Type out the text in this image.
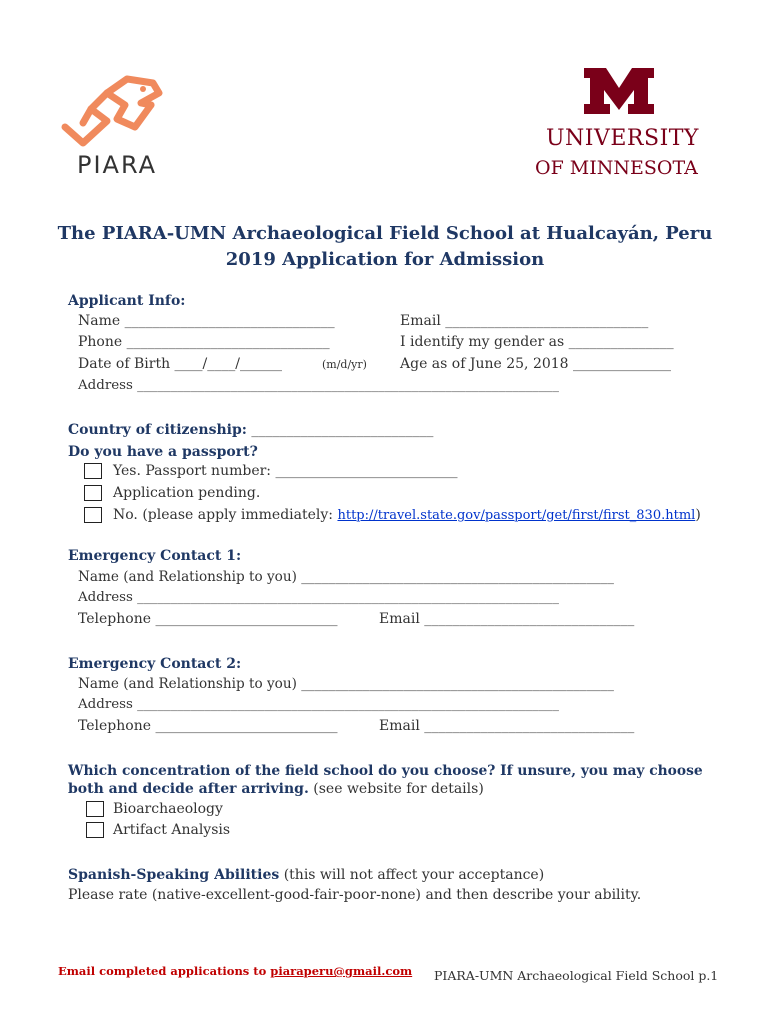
PIARA
UNIVERSITY
OF MINNESOTA
The PIARA-UMN Archaeological Field School at Hualcayán, Peru
2019 Application for Admission
Applicant Info:
Name ______________________________	Email _____________________________
Phone _____________________________	I identify my gender as _______________
Date of Birth ____/____/______	(m/d/yr) Age as of June 25, 2018 ______________
Address _______________________________________________________________
Country of citizenship: __________________________
Do you have a passport?
Yes. Passport number: __________________________
Application pending.
No. (please apply immediately: http://travel.state.gov/passport/get/first/first_830.html)
Emergency Contact 1:
Name (and Relationship to you) ______________________________________________
Address _______________________________________________________________
Telephone __________________________	Email ______________________________
Emergency Contact 2:
Name (and Relationship to you) ______________________________________________
Address _______________________________________________________________
Telephone __________________________	Email ______________________________
Which concentration of the field school do you choose? If unsure, you may choose
both and decide after arriving. (see website for details)
Bioarchaeology
Artifact Analysis
Spanish-Speaking Abilities (this will not affect your acceptance)
Please rate (native-excellent-good-fair-poor-none) and then describe your ability.
Email completed applications to piaraperu@gmail.com PIARA-UMN Archaeological Field School p.1
